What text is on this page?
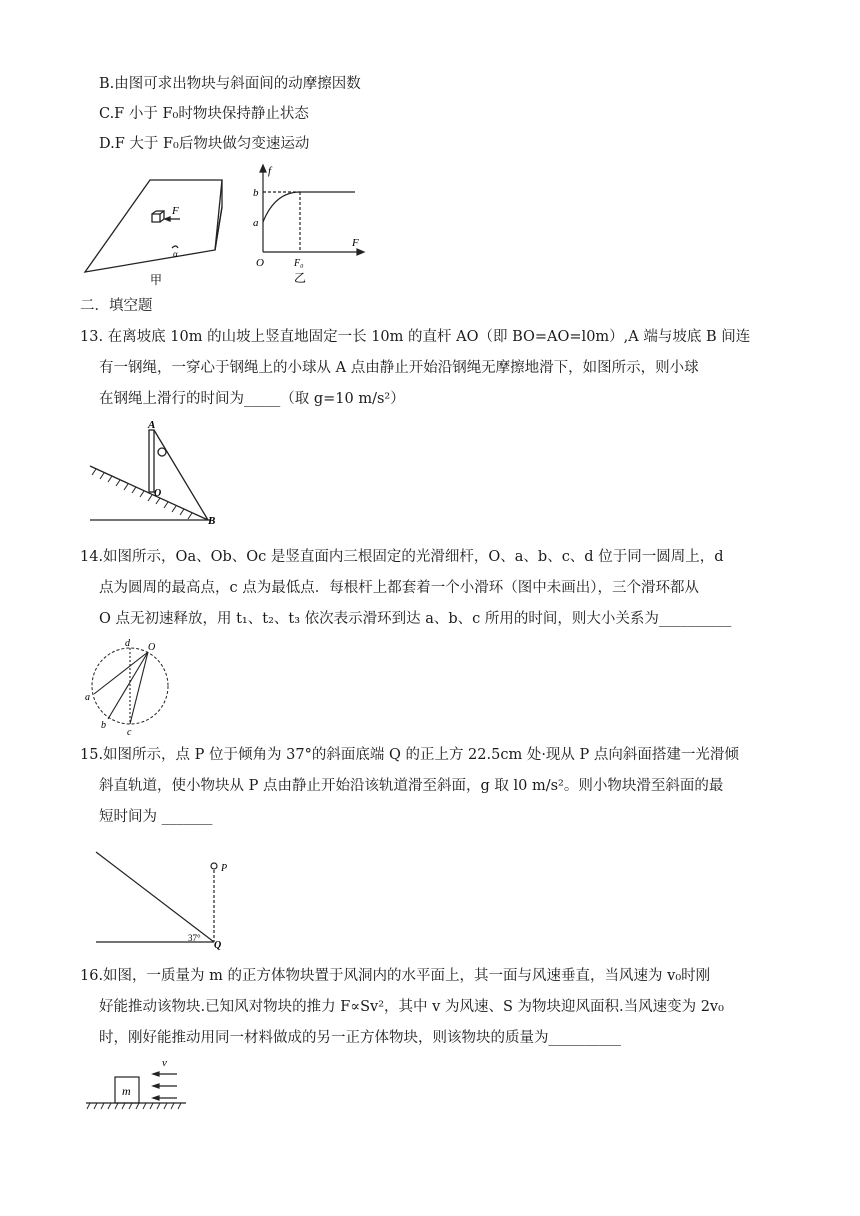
B.由图可求出物块与斜面间的动摩擦因数
C.F 小于 F₀时物块保持静止状态
D.F 大于 F₀后物块做匀变速运动
F
α
甲
f
F
b
a
O	F₀
乙
二．填空题
13. 在离坡底 10m 的山坡上竖直地固定一长 10m 的直杆 AO（即 BO=AO=l0m）,A 端与坡底 B 间连
有一钢绳，一穿心于钢绳上的小球从 A 点由静止开始沿钢绳无摩擦地滑下，如图所示，则小球
在钢绳上滑行的时间为_____（取 g=10 m/s²）
A
O
B
14.如图所示，Oa、Ob、Oc 是竖直面内三根固定的光滑细杆，O、a、b、c、d 位于同一圆周上，d
点为圆周的最高点，c 点为最低点．每根杆上都套着一个小滑环（图中未画出），三个滑环都从
O 点无初速释放，用 t₁、t₂、t₃ 依次表示滑环到达 a、b、c 所用的时间，则大小关系为__________
d O
a
b
c
15.如图所示，点 P 位于倾角为 37°的斜面底端 Q 的正上方 22.5cm 处·现从 P 点向斜面搭建一光滑倾
斜直轨道，使小物块从 P 点由静止开始沿该轨道滑至斜面，g 取 l0 m/s²。则小物块滑至斜面的最
短时间为 _______
P
37°
Q
16.如图，一质量为 m 的正方体物块置于风洞内的水平面上，其一面与风速垂直，当风速为 v₀时刚
好能推动该物块.已知风对物块的推力 F∝Sv²，其中 v 为风速、S 为物块迎风面积.当风速变为 2v₀
时，刚好能推动用同一材料做成的另一正方体物块，则该物块的质量为__________
v
m
